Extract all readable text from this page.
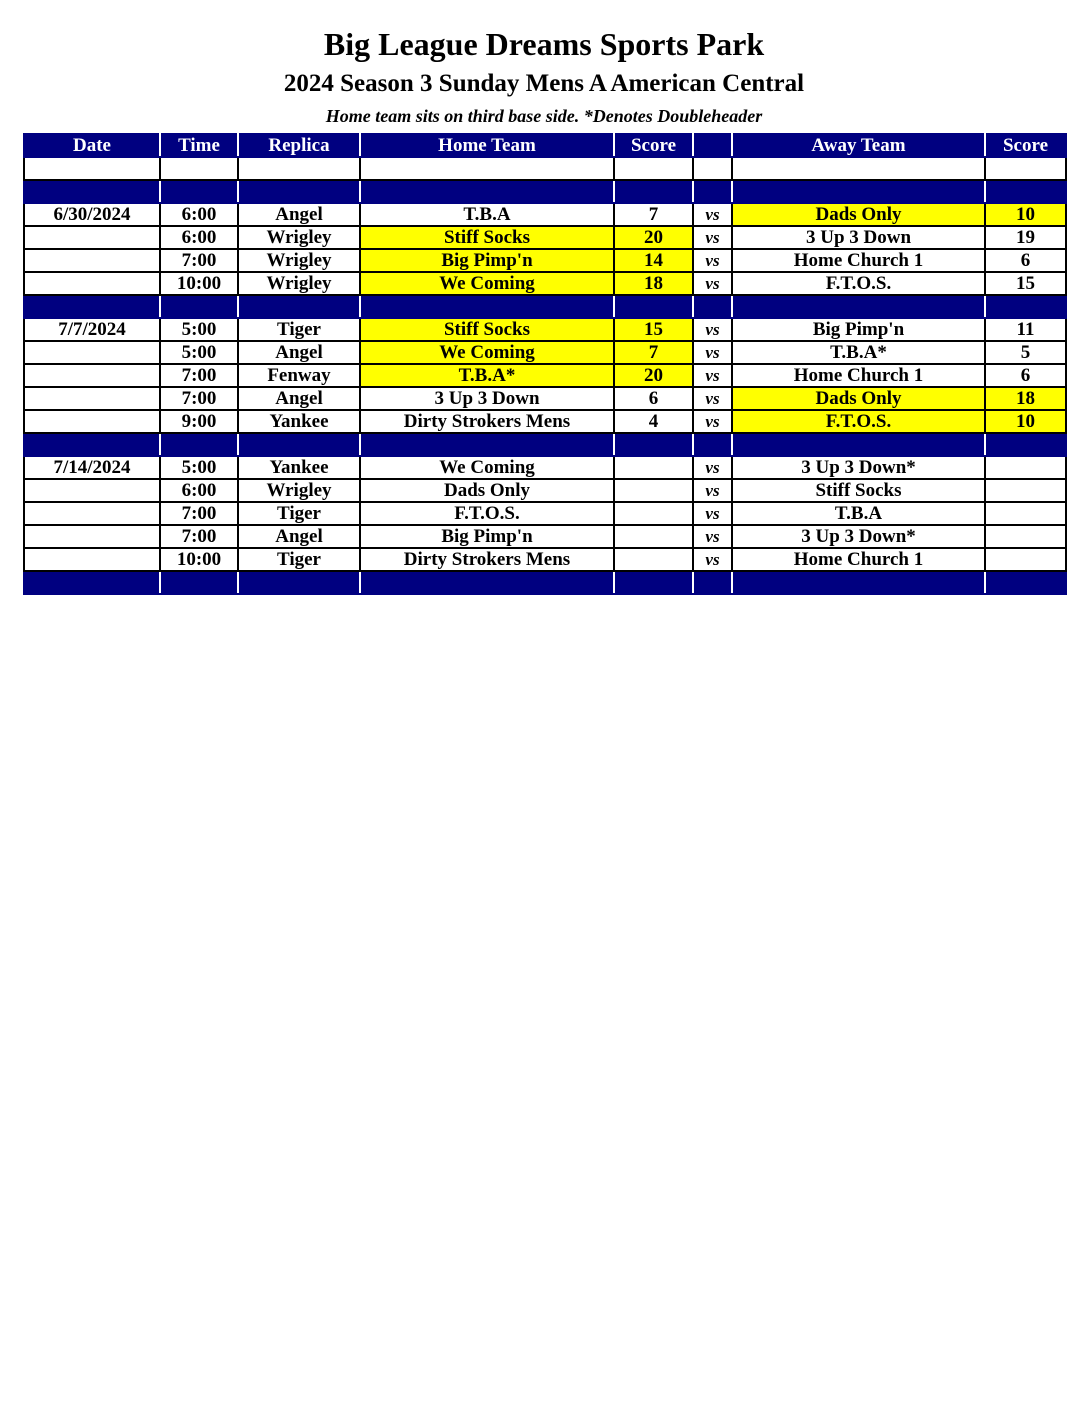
Big League Dreams Sports Park
2024 Season 3 Sunday Mens A American Central
Home team sits on third base side. *Denotes Doubleheader
Date	Time	Replica	Home Team	Score		Away Team	Score

6/30/2024	6:00	Angel	T.B.A	7	vs	Dads Only	10
	6:00	Wrigley	Stiff Socks	20	vs	3 Up 3 Down	19
	7:00	Wrigley	Big Pimp'n	14	vs	Home Church 1	6
	10:00	Wrigley	We Coming	18	vs	F.T.O.S.	15

7/7/2024	5:00	Tiger	Stiff Socks	15	vs	Big Pimp'n	11
	5:00	Angel	We Coming	7	vs	T.B.A*	5
	7:00	Fenway	T.B.A*	20	vs	Home Church 1	6
	7:00	Angel	3 Up 3 Down	6	vs	Dads Only	18
	9:00	Yankee	Dirty Strokers Mens	4	vs	F.T.O.S.	10

7/14/2024	5:00	Yankee	We Coming		vs	3 Up 3 Down*	
	6:00	Wrigley	Dads Only		vs	Stiff Socks	
	7:00	Tiger	F.T.O.S.		vs	T.B.A	
	7:00	Angel	Big Pimp'n		vs	3 Up 3 Down*	
	10:00	Tiger	Dirty Strokers Mens		vs	Home Church 1	
